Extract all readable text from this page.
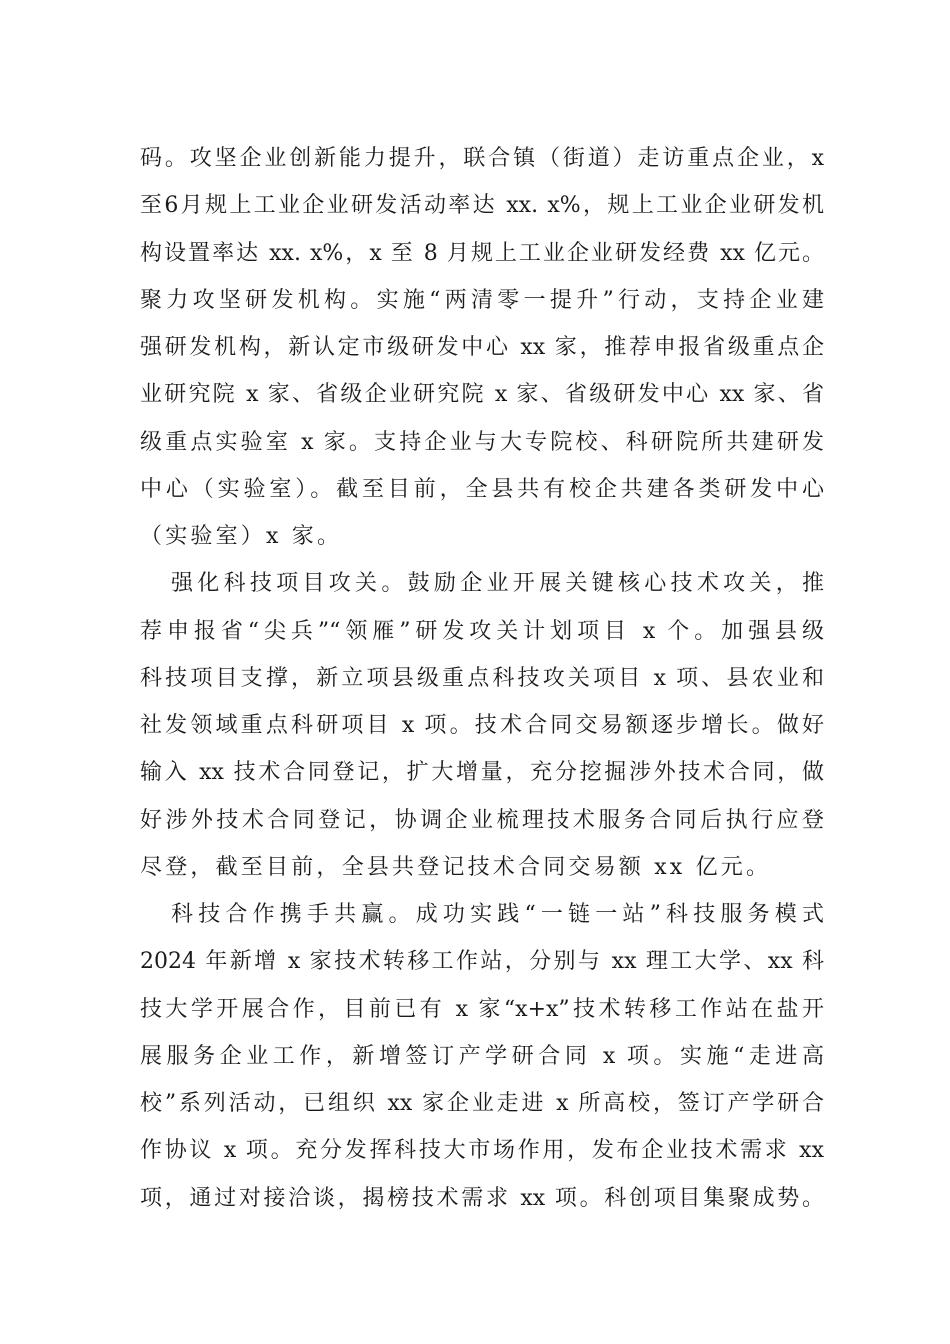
码。攻坚企业创新能力提升，联合镇（街道）走访重点企业，x
至6月规上工业企业研发活动率达 xx. x%，规上工业企业研发机
构设置率达 xx. x%，x 至 8 月规上工业企业研发经费 xx 亿元。
聚力攻坚研发机构。实施“两清零一提升”行动，支持企业建
强研发机构，新认定市级研发中心 xx 家，推荐申报省级重点企
业研究院 x 家、省级企业研究院 x 家、省级研发中心 xx 家、省
级重点实验室 x 家。支持企业与大专院校、科研院所共建研发
中心（实验室）。截至目前，全县共有校企共建各类研发中心
（实验室）x 家。
强化科技项目攻关。鼓励企业开展关键核心技术攻关，推
荐申报省“尖兵”“领雁”研发攻关计划项目 x 个。加强县级
科技项目支撑，新立项县级重点科技攻关项目 x 项、县农业和
社发领域重点科研项目 x 项。技术合同交易额逐步增长。做好
输入 xx 技术合同登记，扩大增量，充分挖掘涉外技术合同，做
好涉外技术合同登记，协调企业梳理技术服务合同后执行应登
尽登，截至目前，全县共登记技术合同交易额 xx 亿元。
科技合作携手共赢。成功实践“一链一站”科技服务模式
2024 年新增 x 家技术转移工作站，分别与 xx 理工大学、xx 科
技大学开展合作，目前已有 x 家“x+x”技术转移工作站在盐开
展服务企业工作，新增签订产学研合同 x 项。实施“走进高
校”系列活动，已组织 xx 家企业走进 x 所高校，签订产学研合
作协议 x 项。充分发挥科技大市场作用，发布企业技术需求 xx
项，通过对接洽谈，揭榜技术需求 xx 项。科创项目集聚成势。
